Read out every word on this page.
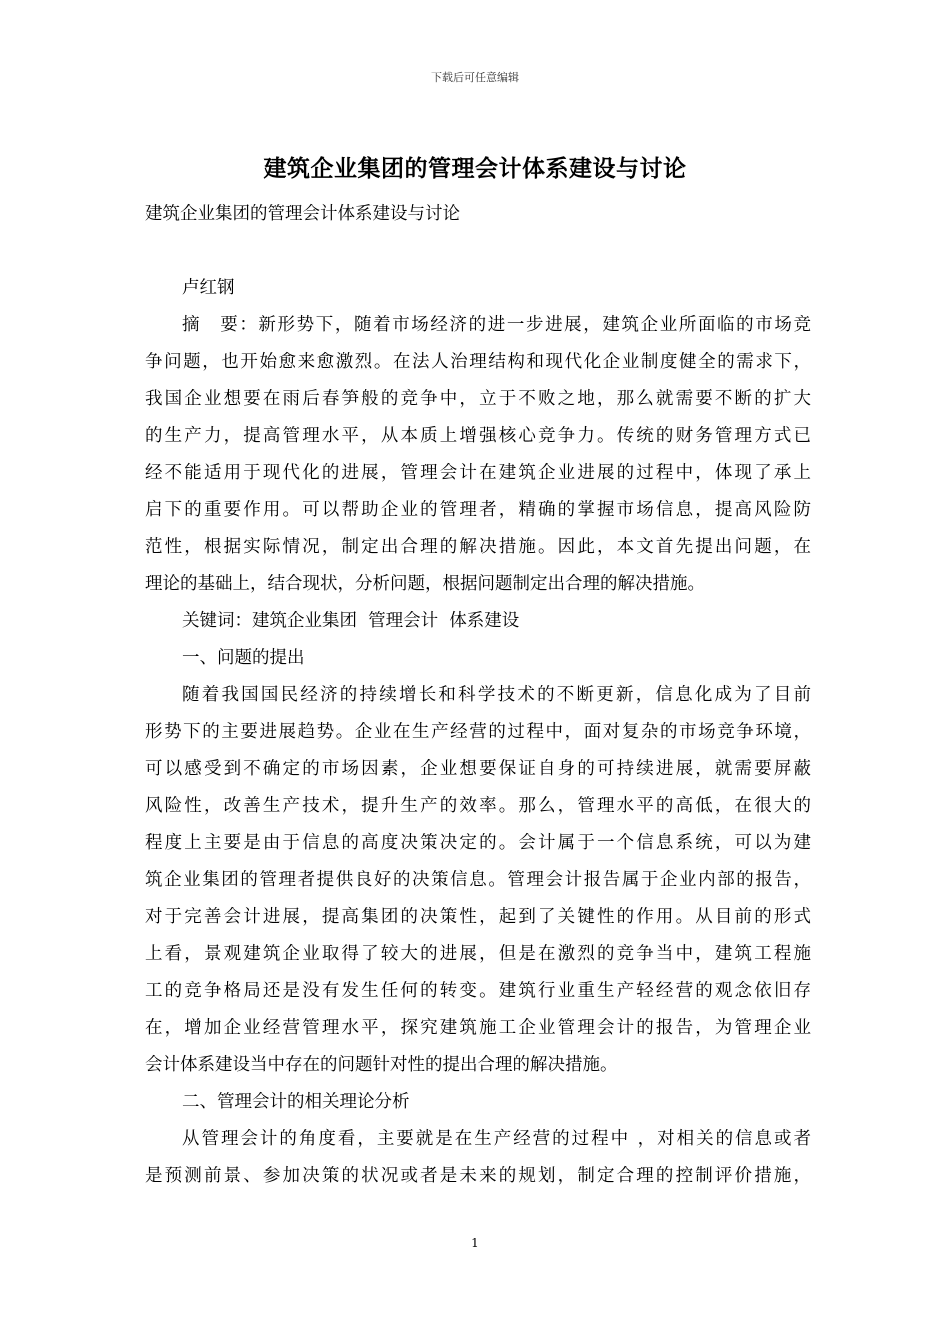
下载后可任意编辑
建筑企业集团的管理会计体系建设与讨论
建筑企业集团的管理会计体系建设与讨论
卢红钢
摘　要：新形势下，随着市场经济的进一步进展，建筑企业所面临的市场竞
争问题，也开始愈来愈激烈。在法人治理结构和现代化企业制度健全的需求下，
我国企业想要在雨后春笋般的竞争中，立于不败之地，那么就需要不断的扩大
的生产力，提高管理水平，从本质上增强核心竞争力。传统的财务管理方式已
经不能适用于现代化的进展，管理会计在建筑企业进展的过程中，体现了承上
启下的重要作用。可以帮助企业的管理者，精确的掌握市场信息，提高风险防
范性，根据实际情况，制定出合理的解决措施。因此，本文首先提出问题，在
理论的基础上，结合现状，分析问题，根据问题制定出合理的解决措施。
关键词：建筑企业集团  管理会计  体系建设
一、问题的提出
随着我国国民经济的持续增长和科学技术的不断更新，信息化成为了目前
形势下的主要进展趋势。企业在生产经营的过程中，面对复杂的市场竞争环境，
可以感受到不确定的市场因素，企业想要保证自身的可持续进展，就需要屏蔽
风险性，改善生产技术，提升生产的效率。那么，管理水平的高低，在很大的
程度上主要是由于信息的高度决策决定的。会计属于一个信息系统，可以为建
筑企业集团的管理者提供良好的决策信息。管理会计报告属于企业内部的报告，
对于完善会计进展，提高集团的决策性，起到了关键性的作用。从目前的形式
上看，景观建筑企业取得了较大的进展，但是在激烈的竞争当中，建筑工程施
工的竞争格局还是没有发生任何的转变。建筑行业重生产轻经营的观念依旧存
在，增加企业经营管理水平，探究建筑施工企业管理会计的报告，为管理企业
会计体系建设当中存在的问题针对性的提出合理的解决措施。
二、管理会计的相关理论分析
从管理会计的角度看，主要就是在生产经营的过程中 ，对相关的信息或者
是预测前景、参加决策的状况或者是未来的规划，制定合理的控制评价措施，
1
